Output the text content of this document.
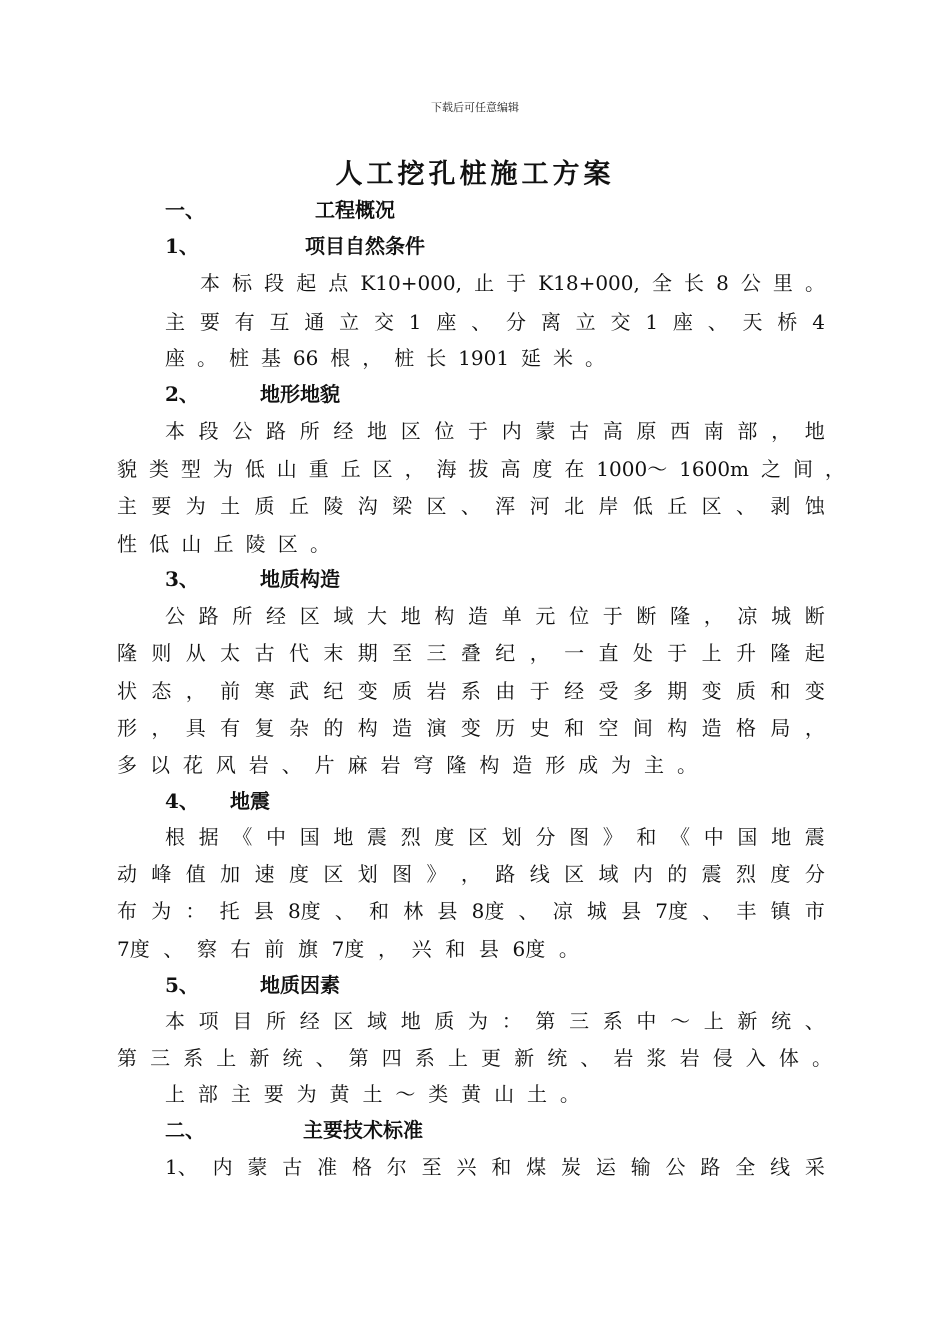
下载后可任意编辑
人工挖孔桩施工方案
一、	工程概况
1、	项目自然条件
本 标 段 起 点 K10+000, 止 于 K18+000, 全 长 8 公 里 。
主 要 有 互 通 立 交 1 座 、 分 离 立 交 1 座 、 天 桥 4
座 。 桩 基 66 根 ， 桩 长 1901 延 米 。
2、	地形地貌
本 段 公 路 所 经 地 区 位 于 内 蒙 古 高 原 西 南 部 ， 地
貌 类 型 为 低 山 重 丘 区 ， 海 拔 高 度 在 1000～ 1600m 之 间 ，
主 要 为 土 质 丘 陵 沟 梁 区 、 浑 河 北 岸 低 丘 区 、 剥 蚀
性 低 山 丘 陵 区 。
3、	地质构造
公 路 所 经 区 域 大 地 构 造 单 元 位 于 断 隆 ， 凉 城 断
隆 则 从 太 古 代 末 期 至 三 叠 纪 ， 一 直 处 于 上 升 隆 起
状 态 ， 前 寒 武 纪 变 质 岩 系 由 于 经 受 多 期 变 质 和 变
形 ， 具 有 复 杂 的 构 造 演 变 历 史 和 空 间 构 造 格 局 ，
多 以 花 风 岩 、 片 麻 岩 穹 隆 构 造 形 成 为 主 。
4、 地震
根 据 《 中 国 地 震 烈 度 区 划 分 图 》 和 《 中 国 地 震
动 峰 值 加 速 度 区 划 图 》 ， 路 线 区 域 内 的 震 烈 度 分
布 为 ： 托 县 8度 、 和 林 县 8度 、 凉 城 县 7度 、 丰 镇 市
7度 、 察 右 前 旗 7度 ， 兴 和 县 6度 。
5、	地质因素
本 项 目 所 经 区 域 地 质 为 ： 第 三 系 中 ～ 上 新 统 、
第 三 系 上 新 统 、 第 四 系 上 更 新 统 、 岩 浆 岩 侵 入 体 。
上 部 主 要 为 黄 土 ～ 类 黄 山 土 。
二、	主要技术标准
1、 内 蒙 古 准 格 尔 至 兴 和 煤 炭 运 输 公 路 全 线 采
